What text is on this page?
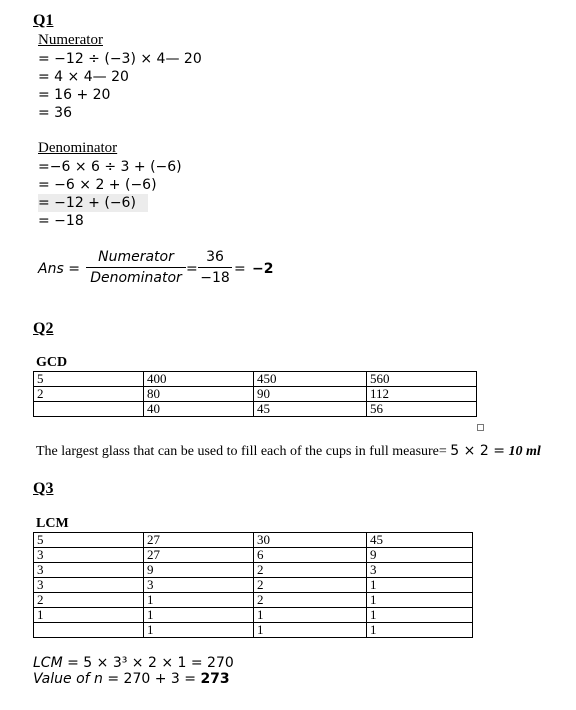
Q1
Numerator
= −12 ÷ (−3) × 4— 20
= 4 × 4— 20
= 16 + 20
= 36
Denominator
=−6 × 6 ÷ 3 + (−6)
= −6 × 2 + (−6)
= −12 + (−6)
= −18
Ans =
Numerator
Denominator
=
36
−18
= −2
Q2
GCD
5	400	450	560
2	80	90	112
	40	45	56
The largest glass that can be used to fill each of the cups in full measure= 5 × 2 = 10 ml
Q3
LCM
5	27	30	45
3	27	6	9
3	9	2	3
3	3	2	1
2	1	2	1
1	1	1	1
	1	1	1
LCM = 5 × 3³ × 2 × 1 = 270
Value of n = 270 + 3 = 273
